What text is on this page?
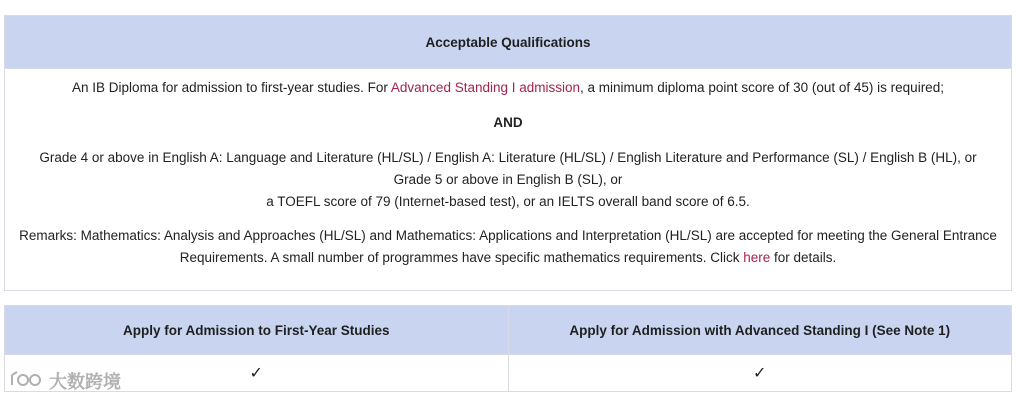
Acceptable Qualifications
An IB Diploma for admission to first-year studies. For Advanced Standing I admission, a minimum diploma point score of 30 (out of 45) is required;
AND
Grade 4 or above in English A: Language and Literature (HL/SL) / English A: Literature (HL/SL) / English Literature and Performance (SL) / English B (HL), or
Grade 5 or above in English B (SL), or
a TOEFL score of 79 (Internet-based test), or an IELTS overall band score of 6.5.
Remarks: Mathematics: Analysis and Approaches (HL/SL) and Mathematics: Applications and Interpretation (HL/SL) are accepted for meeting the General Entrance
Requirements. A small number of programmes have specific mathematics requirements. Click here for details.
Apply for Admission to First-Year Studies	Apply for Admission with Advanced Standing I (See Note 1)
✓	✓
大数跨境
